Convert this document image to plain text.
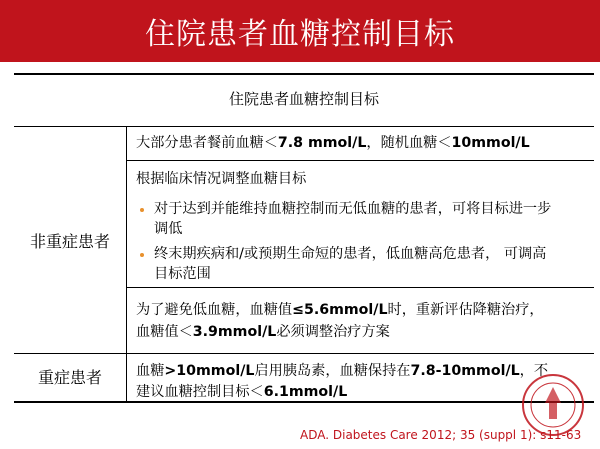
住院患者血糖控制目标
住院患者血糖控制目标
非重症患者
大部分患者餐前血糖＜7.8 mmol/L，随机血糖＜10mmol/L
根据临床情况调整血糖目标
对于达到并能维持血糖控制而无低血糖的患者，可将目标进一步
调低
终末期疾病和/或预期生命短的患者，低血糖高危患者， 可调高
目标范围
为了避免低血糖，血糖值≤5.6mmol/L时，重新评估降糖治疗，
血糖值＜3.9mmol/L必须调整治疗方案
重症患者	血糖>10mmol/L启用胰岛素，血糖保持在7.8-10mmol/L，不
建议血糖控制目标＜6.1mmol/L
ADA. Diabetes Care 2012; 35 (suppl 1): s11-63
